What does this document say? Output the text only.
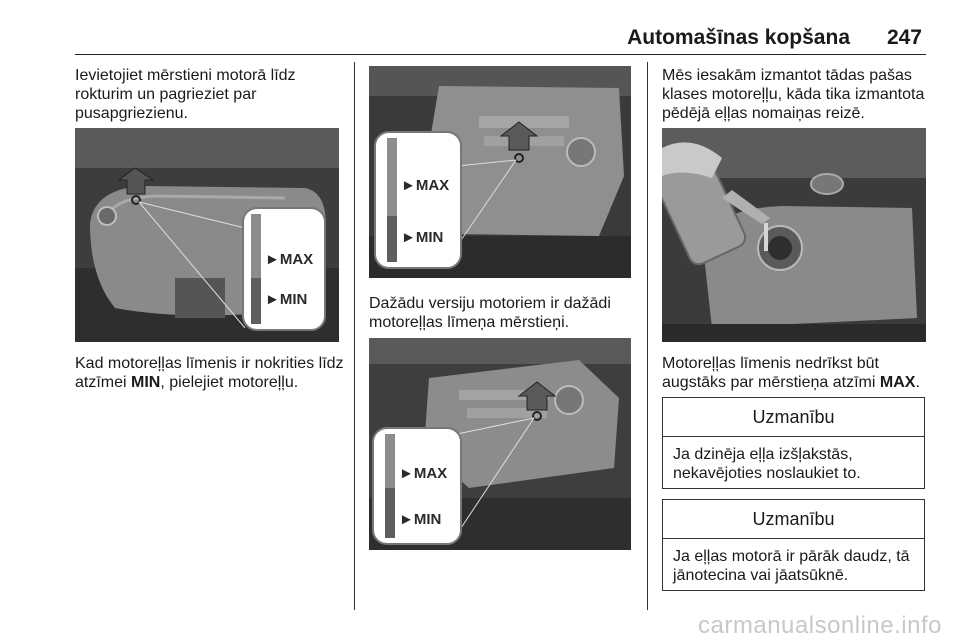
Automašīnas kopšana 247
Ievietojiet mērstieni motorā līdz rokturim un pagrieziet par pusapgriezienu.
►MAX
►MIN
Kad motoreļļas līmenis ir nokrities līdz atzīmei MIN, pielejiet motoreļļu.
►MAX
►MIN
Dažādu versiju motoriem ir dažādi motoreļļas līmeņa mērstieņi.
►MAX
►MIN
Mēs iesakām izmantot tādas pašas klases motoreļļu, kāda tika izmantota pēdējā eļļas nomaiņas reizē.
Motoreļļas līmenis nedrīkst būt augstāks par mērstieņa atzīmi MAX.
Uzmanību
Ja dzinēja eļļa izšļakstās, nekavējoties noslaukiet to.
Uzmanību
Ja eļļas motorā ir pārāk daudz, tā jānotecina vai jāatsūknē.
carmanualsonline.info
